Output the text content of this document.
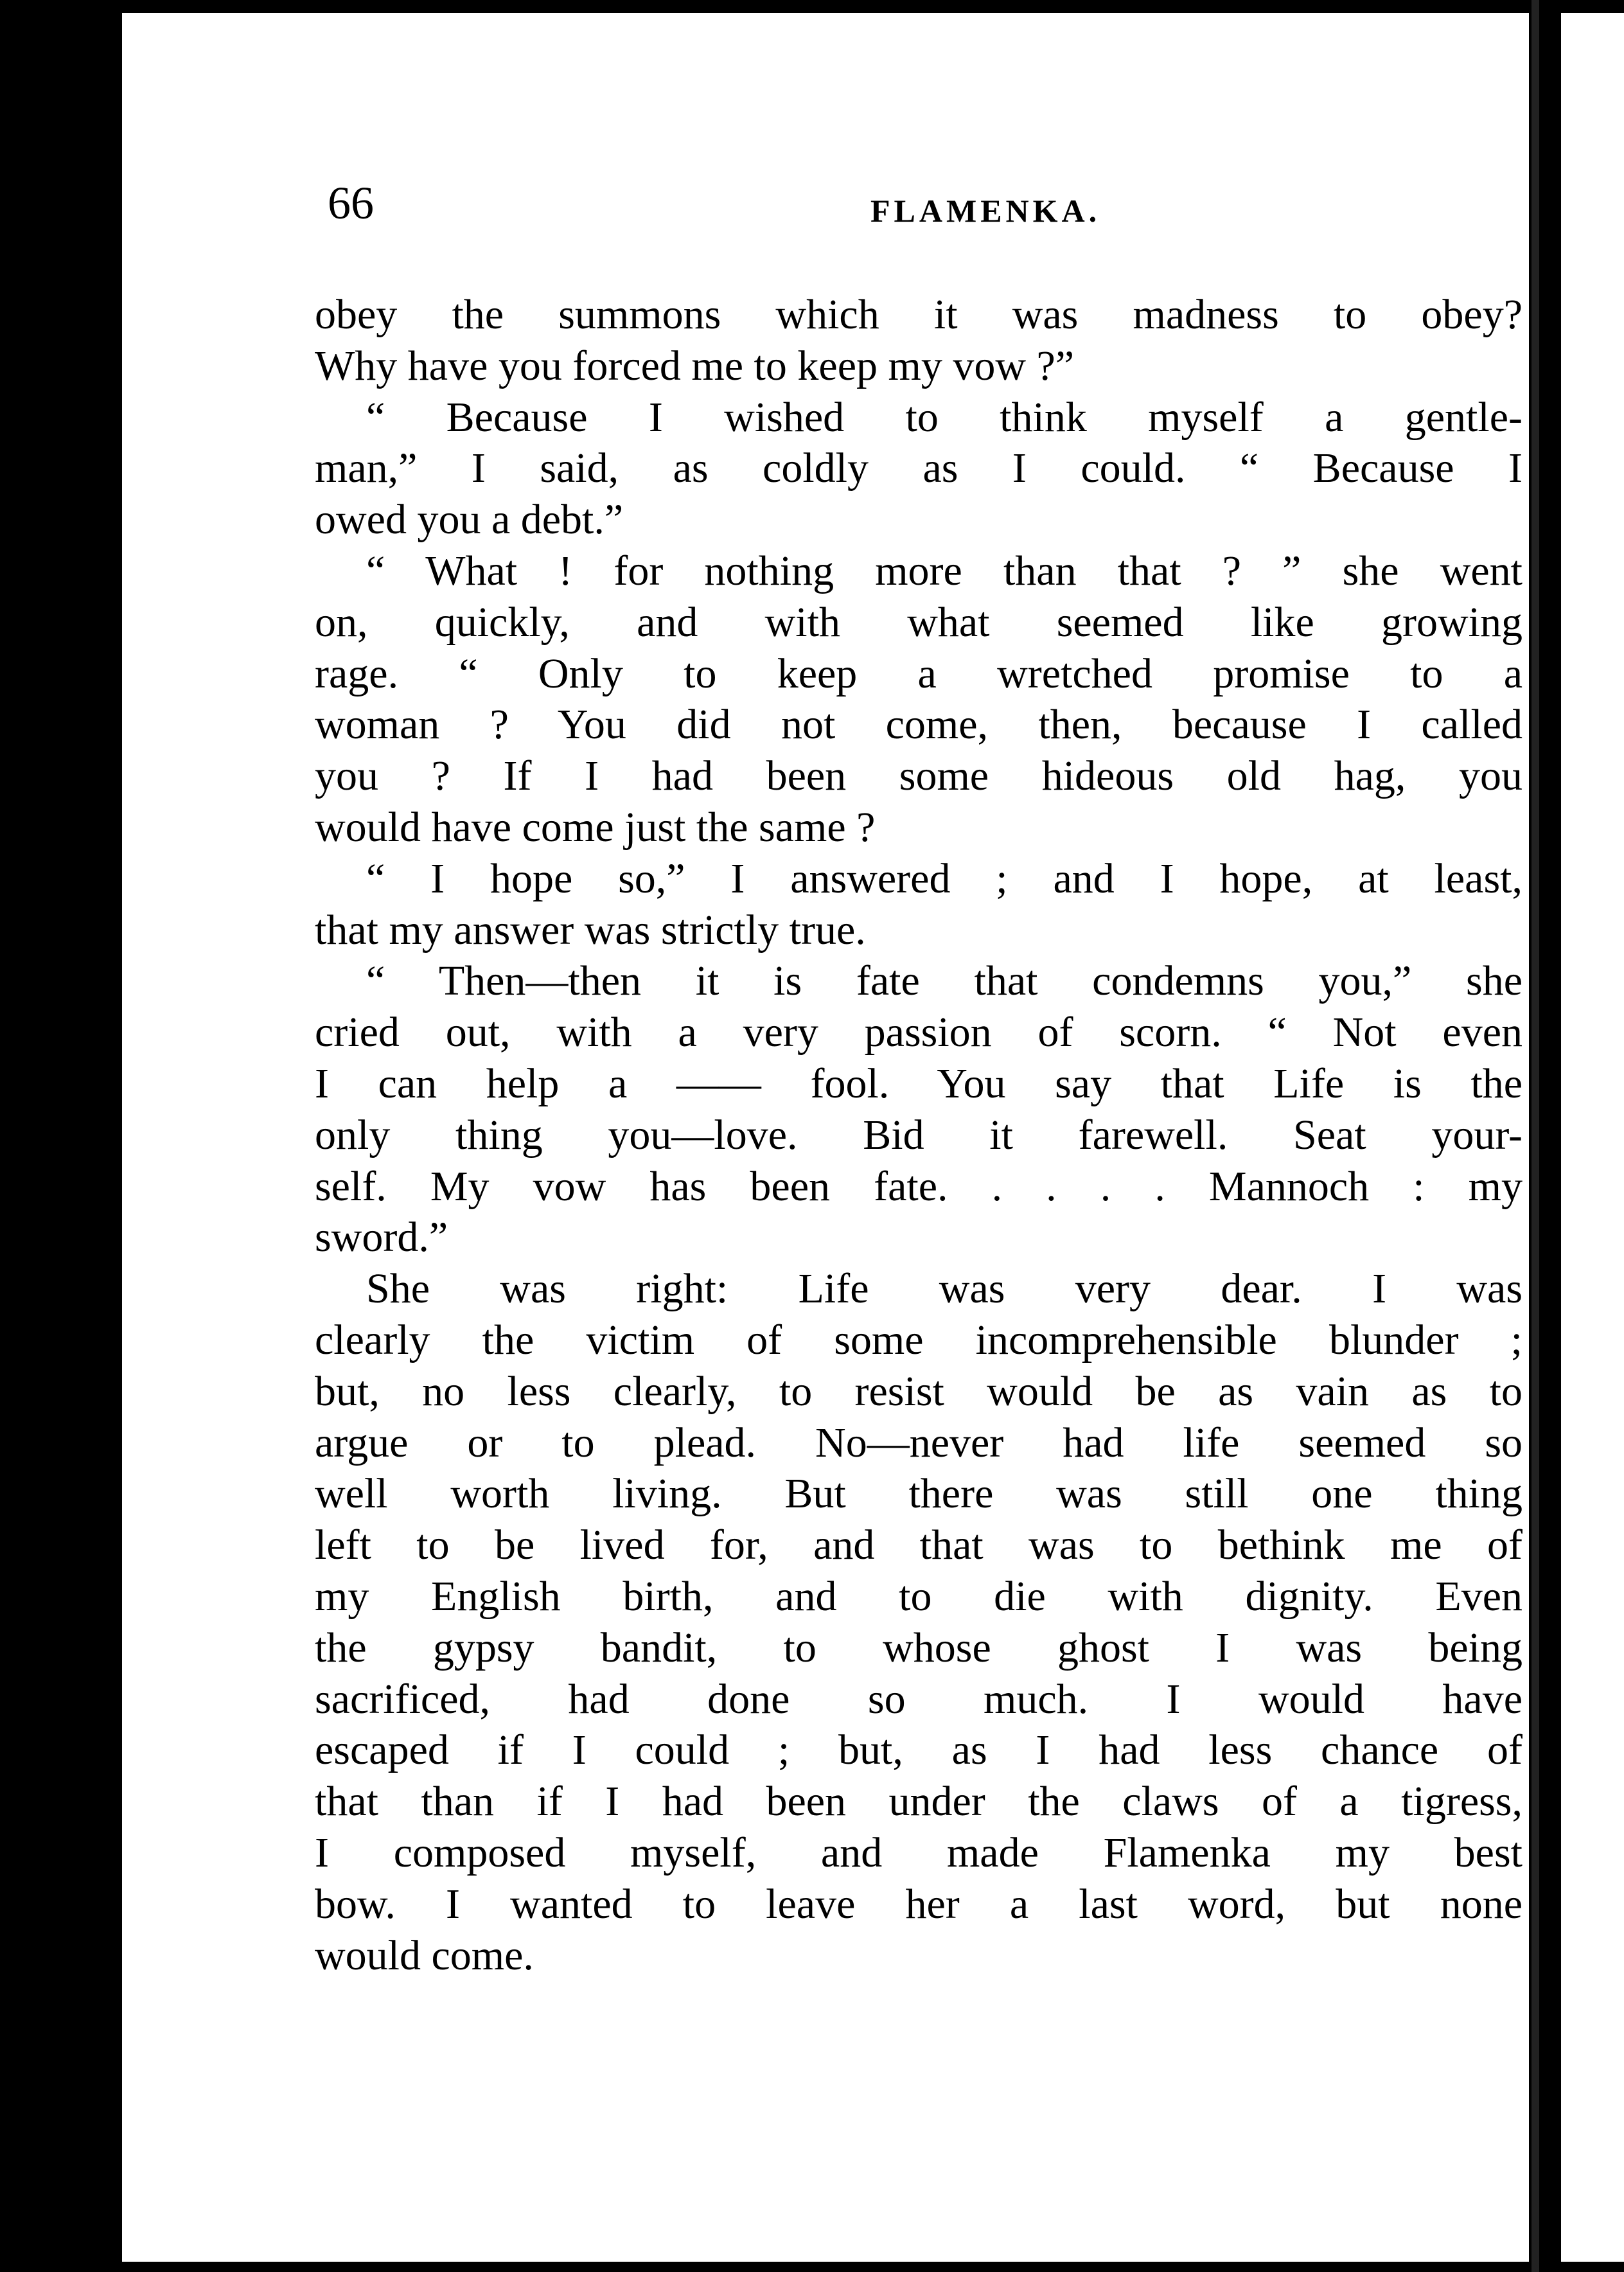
66	FLAMENKA.
obey the summons which it was madness to obey?
Why have you forced me to keep my vow ?”
“ Because I wished to think myself a gentle-
man,” I said, as coldly as I could. “ Because I
owed you a debt.”
“ What ! for nothing more than that ? ” she went
on, quickly, and with what seemed like growing
rage. “ Only to keep a wretched promise to a
woman ? You did not come, then, because I called
you ? If I had been some hideous old hag, you
would have come just the same ?
“ I hope so,” I answered ; and I hope, at least,
that my answer was strictly true.
“ Then—then it is fate that condemns you,” she
cried out, with a very passion of scorn. “ Not even
I can help a —— fool. You say that Life is the
only thing you—love. Bid it farewell. Seat your-
self. My vow has been fate. . . . . Mannoch : my
sword.”
She was right: Life was very dear. I was
clearly the victim of some incomprehensible blunder ;
but, no less clearly, to resist would be as vain as to
argue or to plead. No—never had life seemed so
well worth living. But there was still one thing
left to be lived for, and that was to bethink me of
my English birth, and to die with dignity. Even
the gypsy bandit, to whose ghost I was being
sacrificed, had done so much. I would have
escaped if I could ; but, as I had less chance of
that than if I had been under the claws of a tigress,
I composed myself, and made Flamenka my best
bow. I wanted to leave her a last word, but none
would come.
